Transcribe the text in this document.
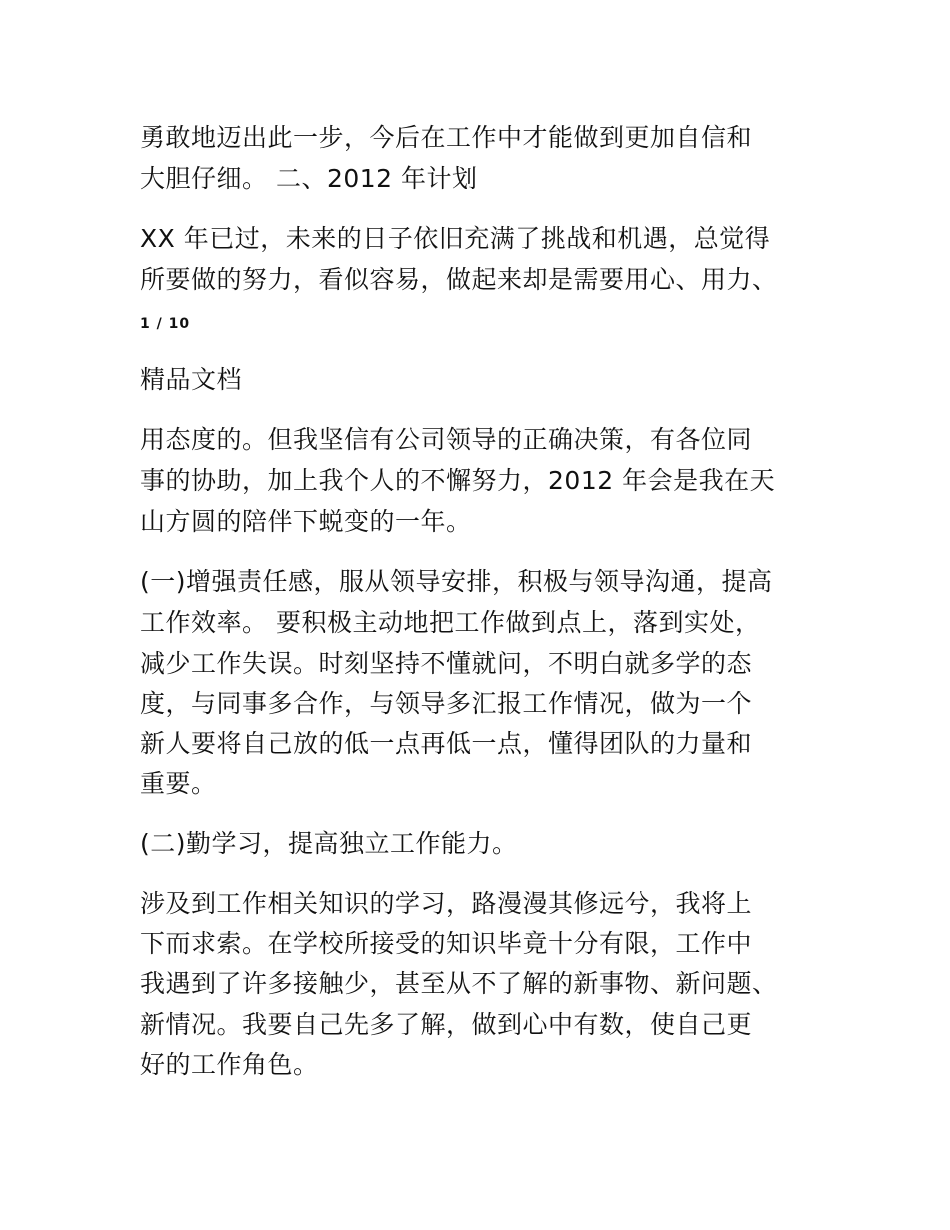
勇敢地迈出此一步，今后在工作中才能做到更加自信和
大胆仔细。 二、2012 年计划
XX 年已过，未来的日子依旧充满了挑战和机遇，总觉得
所要做的努力，看似容易，做起来却是需要用心、用力、
1 / 10
精品文档
用态度的。但我坚信有公司领导的正确决策，有各位同
事的协助，加上我个人的不懈努力，2012 年会是我在天
山方圆的陪伴下蜕变的一年。
(一)增强责任感，服从领导安排，积极与领导沟通，提高
工作效率。 要积极主动地把工作做到点上，落到实处，
减少工作失误。时刻坚持不懂就问，不明白就多学的态
度，与同事多合作，与领导多汇报工作情况，做为一个
新人要将自己放的低一点再低一点，懂得团队的力量和
重要。
(二)勤学习，提高独立工作能力。
涉及到工作相关知识的学习，路漫漫其修远兮，我将上
下而求索。在学校所接受的知识毕竟十分有限，工作中
我遇到了许多接触少，甚至从不了解的新事物、新问题、
新情况。我要自己先多了解，做到心中有数，使自己更
好的工作角色。
